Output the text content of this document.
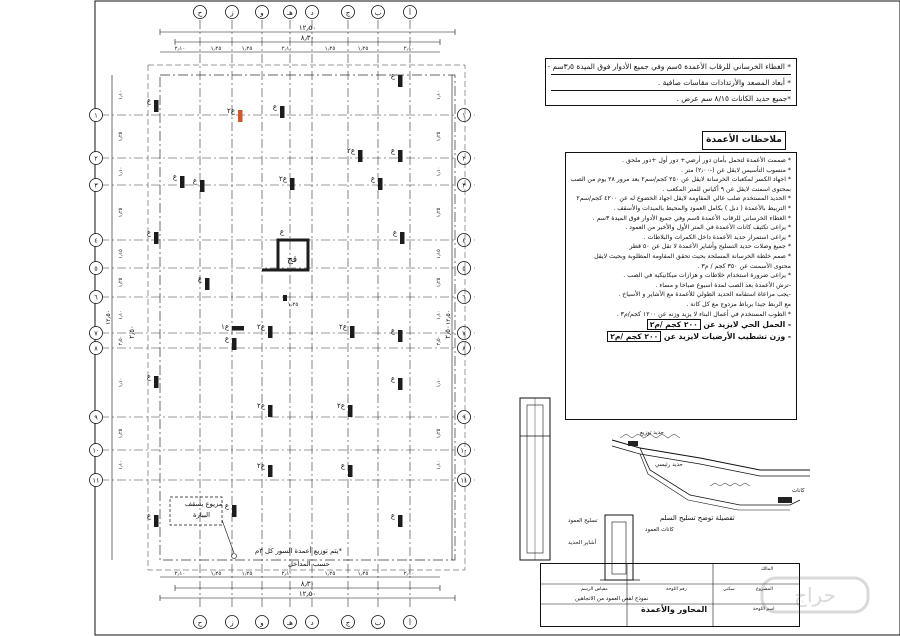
ح
ح
ز
ز
و
و
هـ
هـ
د
د
ج
ج
ب
ب
أ
أ
١	١
٢	٢
٣	٣
٤	٤
٥	٥
٦	٦
٧	٧
٨	٨
٩	٩
١٠	١٠
١١	١١
١٢٫٥٠
٨٫٣٠
١٢٫٥٠
٨٫٣٠
٢٫١٠	١٫٢٥	١٫٢٥	٢٫١٠	١٫٢٥	١٫٢٥	٢٫١٠
٢٫١٠	١٫٢٥	١٫٢٥	٢٫١٠	١٫٢٥	١٫٢٥	٢٫١٠
١٢٫٥٠	١٢٫٥٠
١٫١٠	١٫١٠
١٫٢٥	١٫٢٥
١٫١٠	١٫١٠
١٫٢٥	١٫٢٥
١٫١٥	١٫١٥
١٫٢٥	١٫٢٥
١٫١٠	١٫١٠
٢٫٥٠	٢٫٥٠
١٫١٠	١٫١٠
١٫٢٥	١٫٢٥
١٫١٠	١٫١٠
ع
ع٢	ع
ع
ع٢	ع
ع	ع٢	ع
ع
ع	ع
ع
ع١	ع٢	ع٢
ع
ع
ع
ع٢	ع٢
ع
ع٢	ع
ع
ع	ع
قح
ع
١٫٢٥
٢٫٥٠	٢٫٥٠
* الغطاء الخرساني للرقاب الأعمدة ٥سم وفي جميع الأدوار فوق الميدة ٣٫٥سم -
* أبعاد المصعد والأرتدادات مقاسات صافية .
*جميع حديد الكانات ٨/١٥ سم عرض .
ملاحظات الأعمدة
* صممت الأعمدة لتحمل بأمان دور أرضي+ دور أول +دور ملحق .
* منسوب التأسيس لايقل عن (-٢٫٠٠) متر .
* اجهاد الكسر لمكعبات الخرسانة لايقل عن ٢٥٠ كجم/سم٢ بعد مرور ٢٨ يوم من الصب
بمحتوى اسمنت لايقل عن ٩ أكياس للمتر المكعب .
* الحديد المستخدم صلب عالي المقاومة لايقل اجهاد الخضوع له عن ٤٢٠٠ كجم/سم٢
* التربيط بالأعمدة ( دبل ) بكامل العمود والمحيط بالميدات والأسقف .
* الغطاء الخرساني للرقاب الأعمدة ٥سم وفي جميع الأدوار فوق الميدة ٣سم .
* يراعى تكثيف كانات الأعمدة في المتر الأول والأخير من العمود .
* يراعى استمرار حديد الأعمدة داخل الكمرات والبلاطات .
* جميع وصلات حديد التسليح وأشاير الأعمدة لا تقل عن ٥٠ قطر
* صمم خلطة الخرسانة المسلحة بحيث تحقق المقاومة المطلوبة وبحيث لايقل
محتوى الأسمنت عن ٣٥٠ كجم / م٣ .
* يراعى ضرورة استخدام خلاطات و هزازات ميكانيكية في الصب .
-ترش الأعمدة بعد الصب لمدة اسبوع صباحا و مساء .
-يجب مراعاة استقامة الحديد الطولي للأعمدة مع الأشاير و الأسياخ .
مع الربط جيدا برباط مزدوج مع كل كانة .
* الطوب المستخدم في أعمال البناء لا يزيد وزنه عن ١٢٠٠ كجم/م٣ .
- الحمل الحي لايزيد عن ٢٠٠ كجم /م٢
- وزن تشطيب الأرضيات لايزيد عن ٢٠٠ كجم /م٢
تفصيلة توضح تسليح السلم
حديد رئيسي
حديد توزيع
كانات
تسليح العمود
كانات العمود
أشاير الحديد
نموذج لقص العمود من الاتجاهين
مزيوع بسقف
البيارة
*يتم توزيع أعمدة السور كل ٣م
حسب المداخل
المالك
المشروع
سكني
اسم اللوحة
المحاور والأعمدة
رقم اللوحة
مقياس الرسم	حراج
